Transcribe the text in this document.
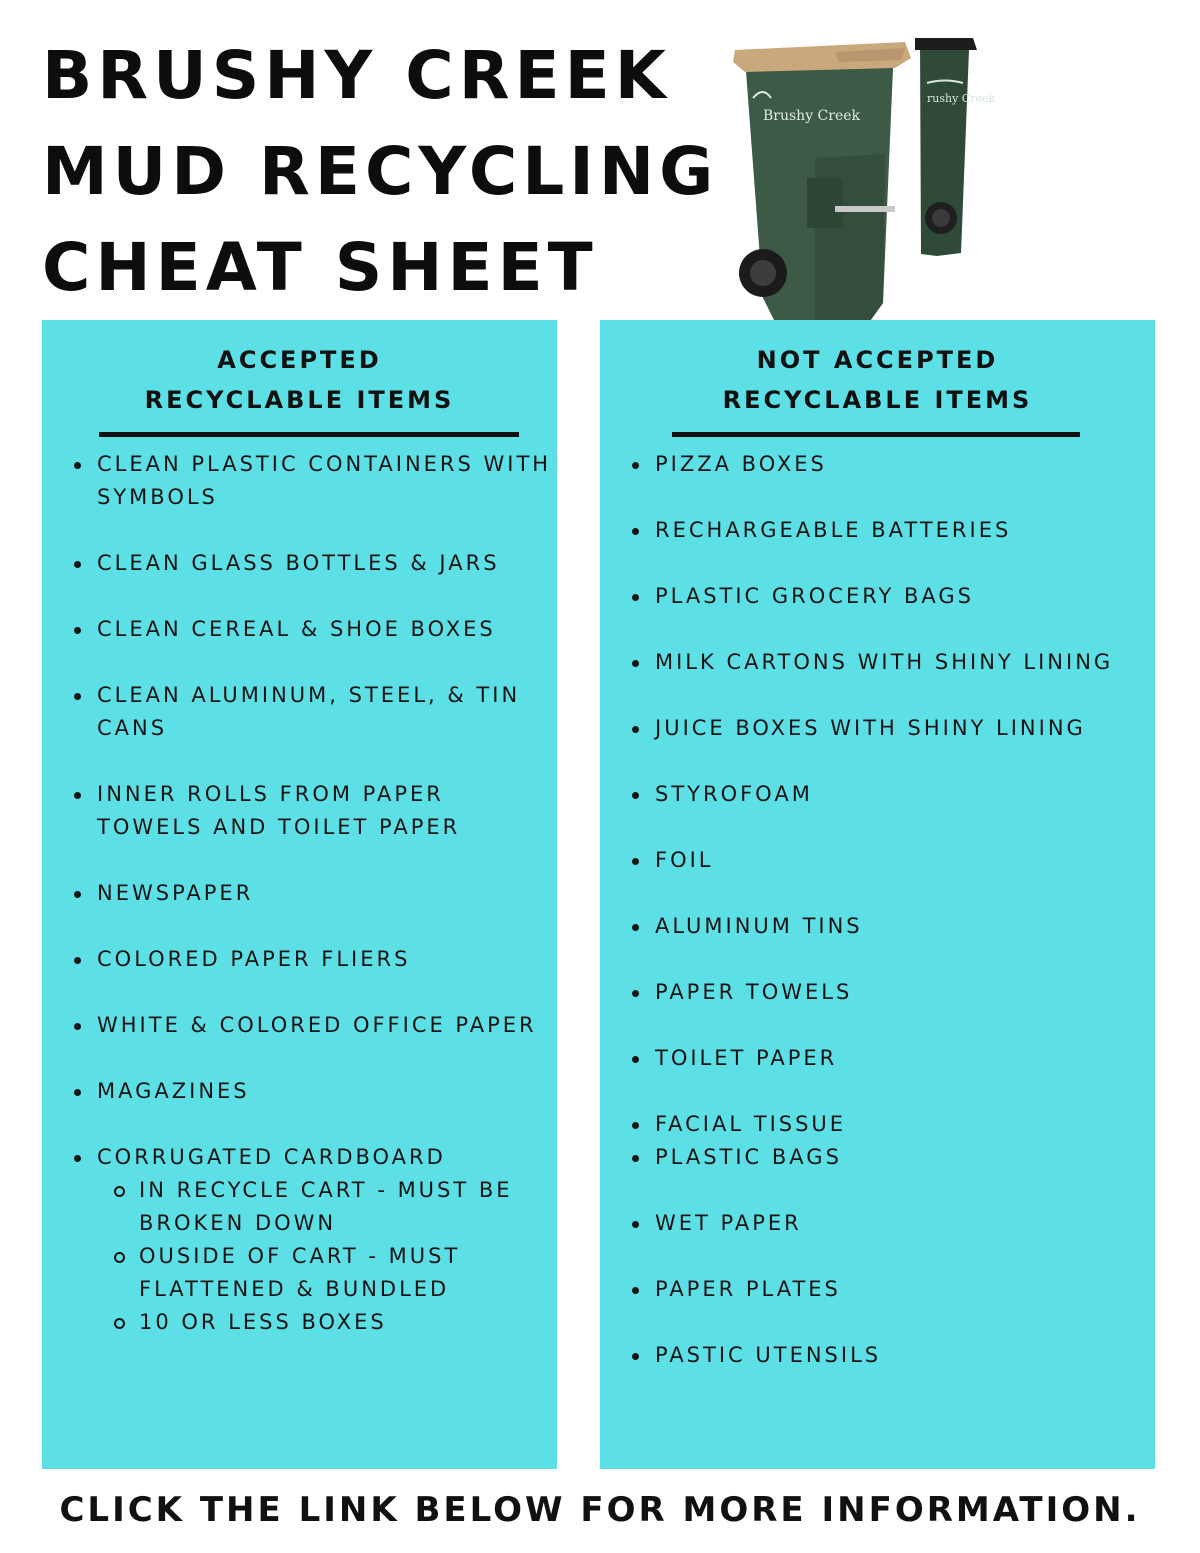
BRUSHY CREEK
MUD RECYCLING
CHEAT SHEET
rushy Creek
Brushy Creek
ACCEPTED
RECYCLABLE ITEMS
CLEAN PLASTIC CONTAINERS WITH SYMBOLS
CLEAN GLASS BOTTLES & JARS
CLEAN CEREAL & SHOE BOXES
CLEAN ALUMINUM, STEEL, & TIN CANS
INNER ROLLS FROM PAPER TOWELS AND TOILET PAPER
NEWSPAPER
COLORED PAPER FLIERS
WHITE & COLORED OFFICE PAPER
MAGAZINES
CORRUGATED CARDBOARD
IN RECYCLE CART - MUST BE BROKEN DOWN
OUSIDE OF CART - MUST FLATTENED & BUNDLED
10 OR LESS BOXES
NOT ACCEPTED
RECYCLABLE ITEMS
PIZZA BOXES
RECHARGEABLE BATTERIES
PLASTIC GROCERY BAGS
MILK CARTONS WITH SHINY LINING
JUICE BOXES WITH SHINY LINING
STYROFOAM
FOIL
ALUMINUM TINS
PAPER TOWELS
TOILET PAPER
FACIAL TISSUE
PLASTIC BAGS
WET PAPER
PAPER PLATES
PASTIC UTENSILS
CLICK THE LINK BELOW FOR MORE INFORMATION.
